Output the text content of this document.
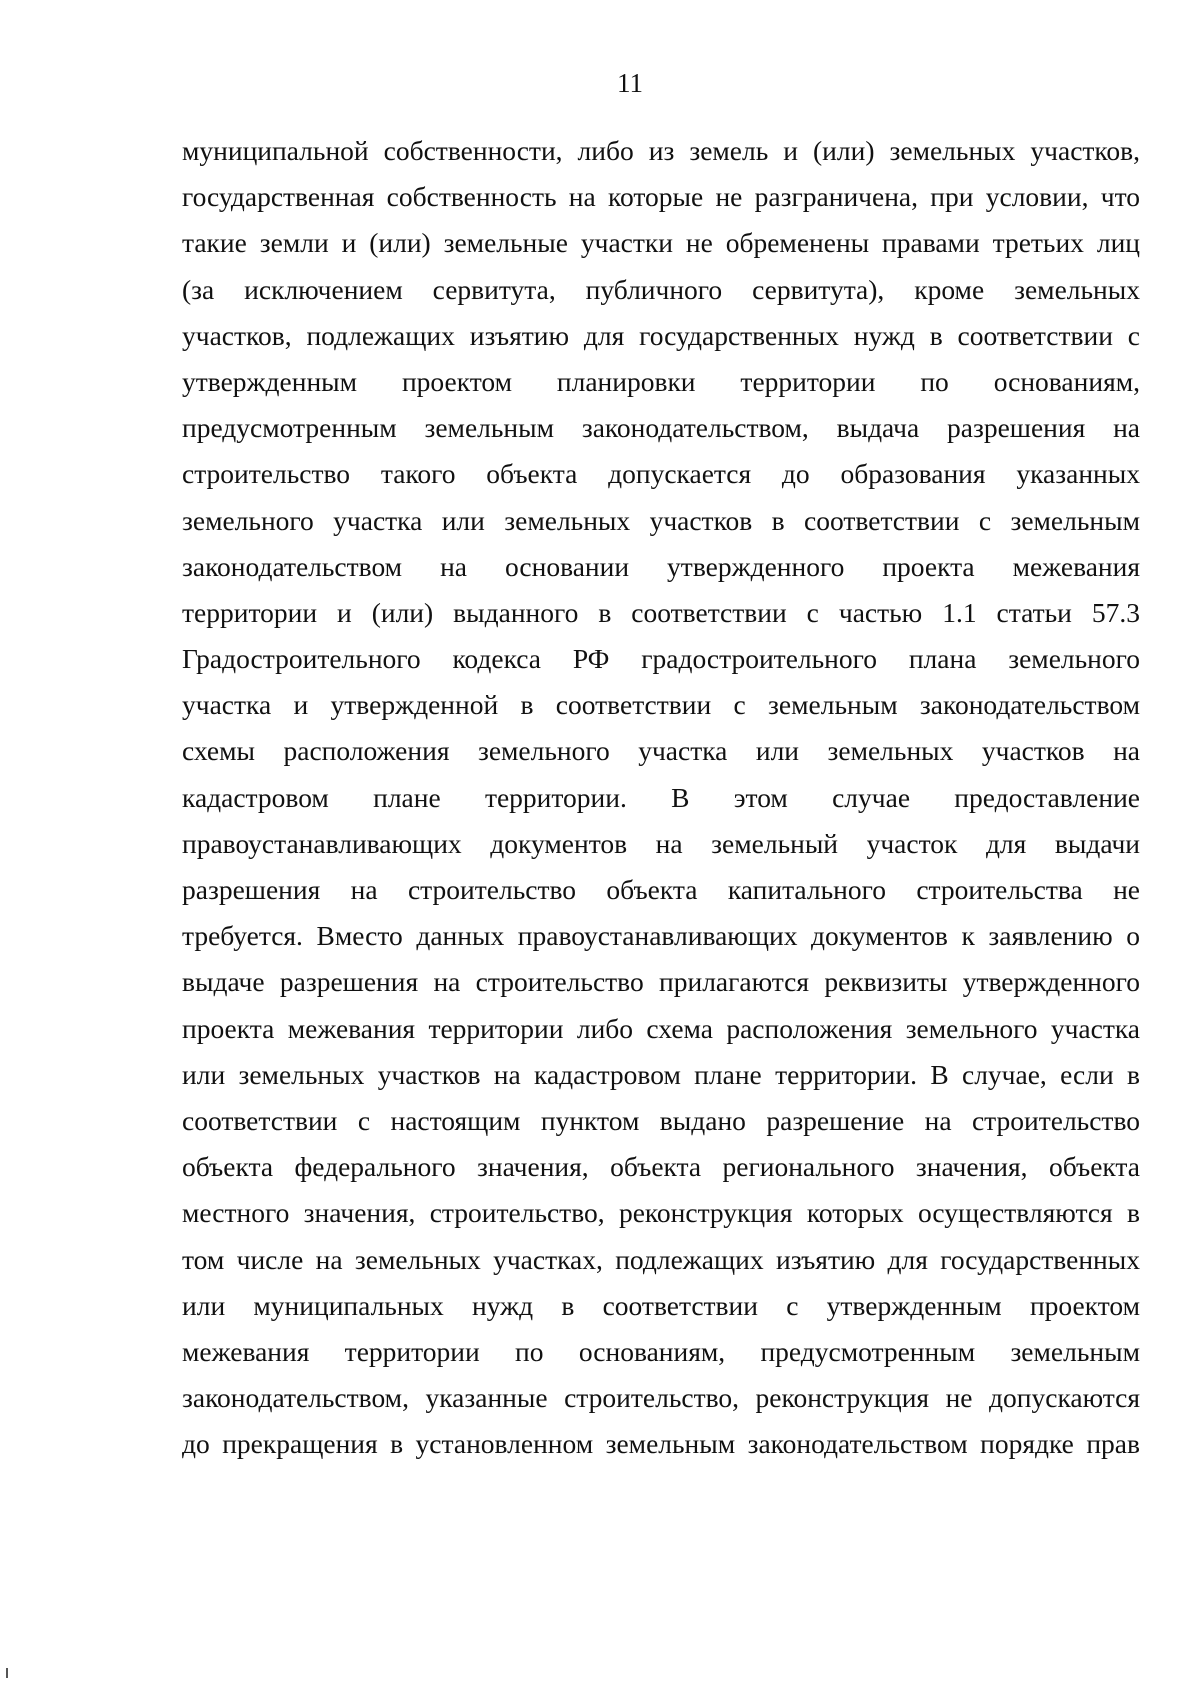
11
муниципальной собственности, либо из земель и (или) земельных участков,
государственная собственность на которые не разграничена, при условии, что
такие земли и (или) земельные участки не обременены правами третьих лиц
(за исключением сервитута, публичного сервитута), кроме земельных
участков, подлежащих изъятию для государственных нужд в соответствии с
утвержденным проектом планировки территории по основаниям,
предусмотренным земельным законодательством, выдача разрешения на
строительство такого объекта допускается до образования указанных
земельного участка или земельных участков в соответствии с земельным
законодательством на основании утвержденного проекта межевания
территории и (или) выданного в соответствии с частью 1.1 статьи 57.3
Градостроительного кодекса РФ градостроительного плана земельного
участка и утвержденной в соответствии с земельным законодательством
схемы расположения земельного участка или земельных участков на
кадастровом плане территории. В этом случае предоставление
правоустанавливающих документов на земельный участок для выдачи
разрешения на строительство объекта капитального строительства не
требуется. Вместо данных правоустанавливающих документов к заявлению о
выдаче разрешения на строительство прилагаются реквизиты утвержденного
проекта межевания территории либо схема расположения земельного участка
или земельных участков на кадастровом плане территории. В случае, если в
соответствии с настоящим пунктом выдано разрешение на строительство
объекта федерального значения, объекта регионального значения, объекта
местного значения, строительство, реконструкция которых осуществляются в
том числе на земельных участках, подлежащих изъятию для государственных
или муниципальных нужд в соответствии с утвержденным проектом
межевания территории по основаниям, предусмотренным земельным
законодательством, указанные строительство, реконструкция не допускаются
до прекращения в установленном земельным законодательством порядке прав
